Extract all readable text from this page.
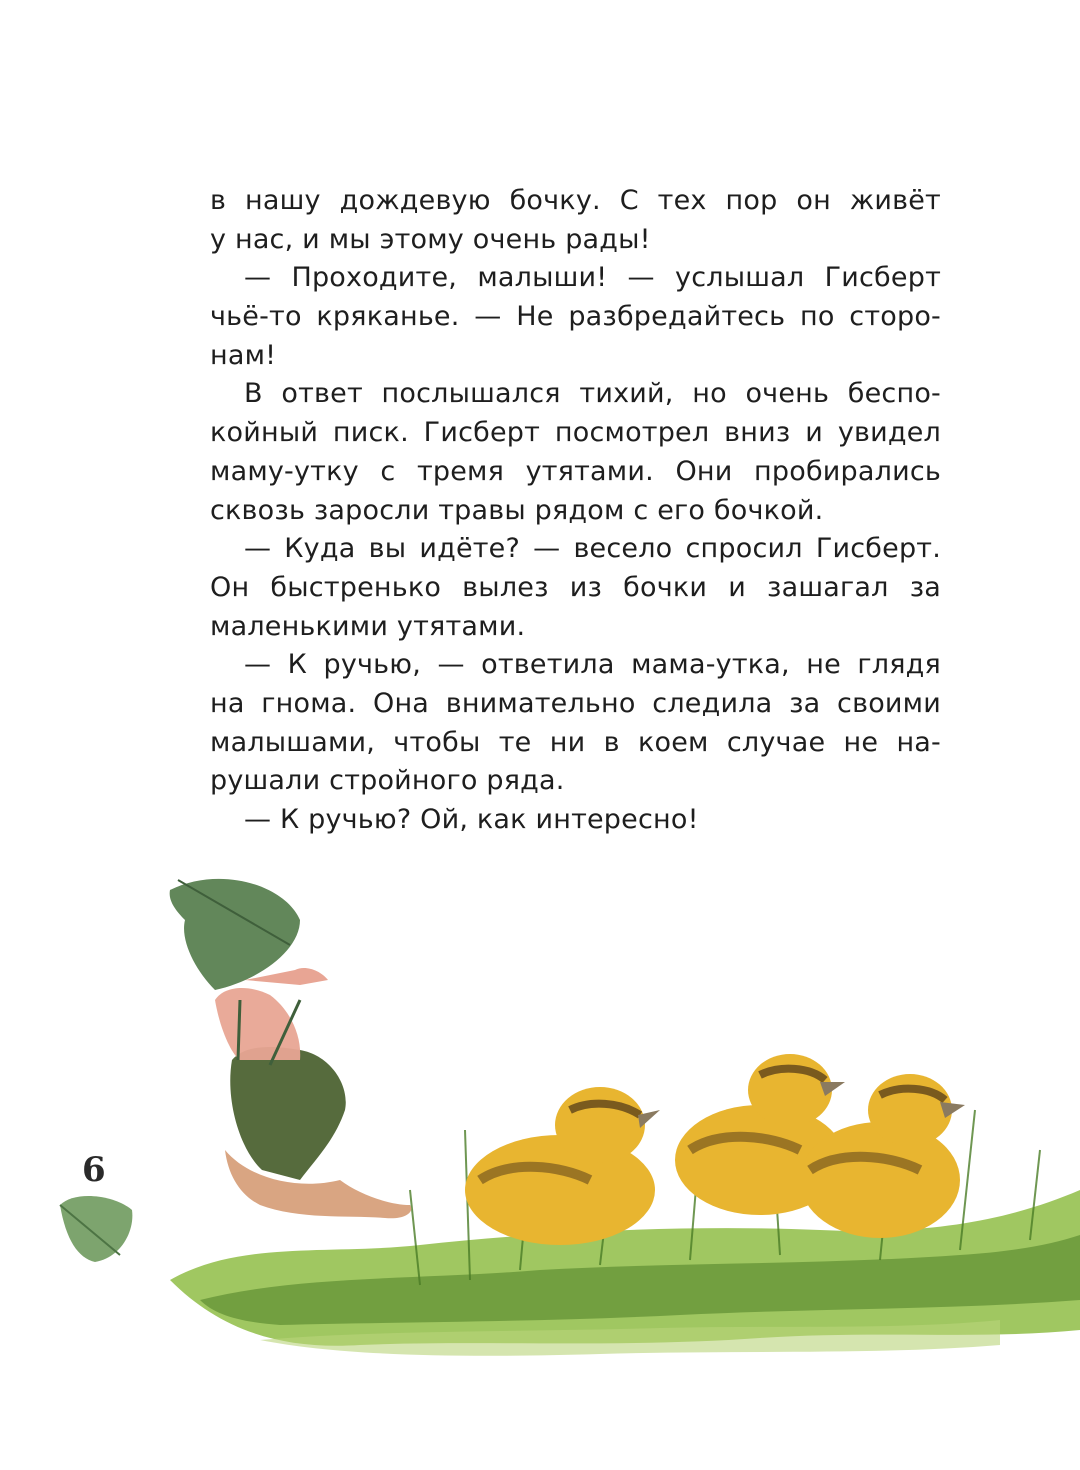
в нашу дождевую бочку. С тех пор он живёт
у нас, и мы этому очень рады!
— Проходите, малыши! — услышал Гисберт
чьё-то кряканье. — Не разбредайтесь по сторо-
нам!
В ответ послышался тихий, но очень беспо-
койный писк. Гисберт посмотрел вниз и увидел
маму-утку с тремя утятами. Они пробирались
сквозь заросли травы рядом с его бочкой.
— Куда вы идёте? — весело спросил Гисберт.
Он быстренько вылез из бочки и зашагал за
маленькими утятами.
— К ручью, — ответила мама-утка, не глядя
на гнома. Она внимательно следила за своими
малышами, чтобы те ни в коем случае не на-
рушали стройного ряда.
— К ручью? Ой, как интересно!
6
